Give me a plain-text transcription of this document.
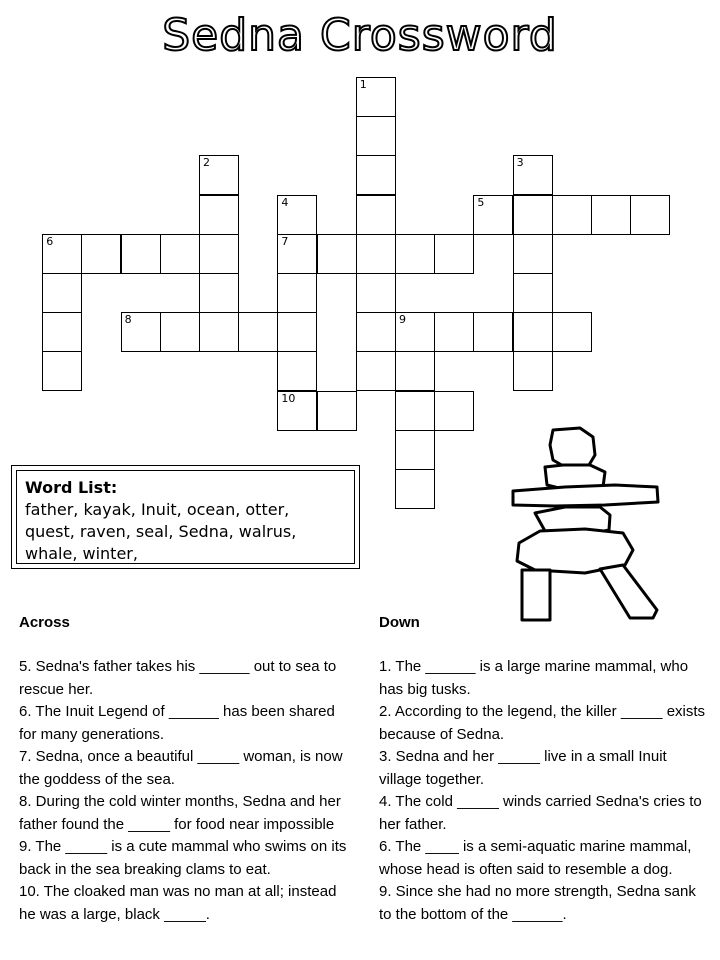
Sedna Crossword
1
2	3
4
7
10
5
6
8	9
Word List:
father, kayak, Inuit, ocean, otter,
quest, raven, seal, Sedna, walrus,
whale, winter,
Across

5. Sedna's father takes his ______ out to sea to rescue her.

6. The Inuit Legend of ______ has been shared for many generations.

7. Sedna, once a beautiful _____ woman, is now the goddess of the sea.

8. During the cold winter months, Sedna and her father found the _____ for food near impossible

9. The _____ is a cute mammal who swims on its back in the sea breaking clams to eat.

10. The cloaked man was no man at all; instead he was a large, black _____.

Down

1. The ______ is a large marine mammal, who has big tusks.

2. According to the legend, the killer _____ exists because of Sedna.

3. Sedna and her _____ live in a small Inuit village together.

4. The cold _____ winds carried Sedna's cries to her father.

6. The ____ is a semi-aquatic marine mammal, whose head is often said to resemble a dog.

9. Since she had no more strength, Sedna sank to the bottom of the ______.
